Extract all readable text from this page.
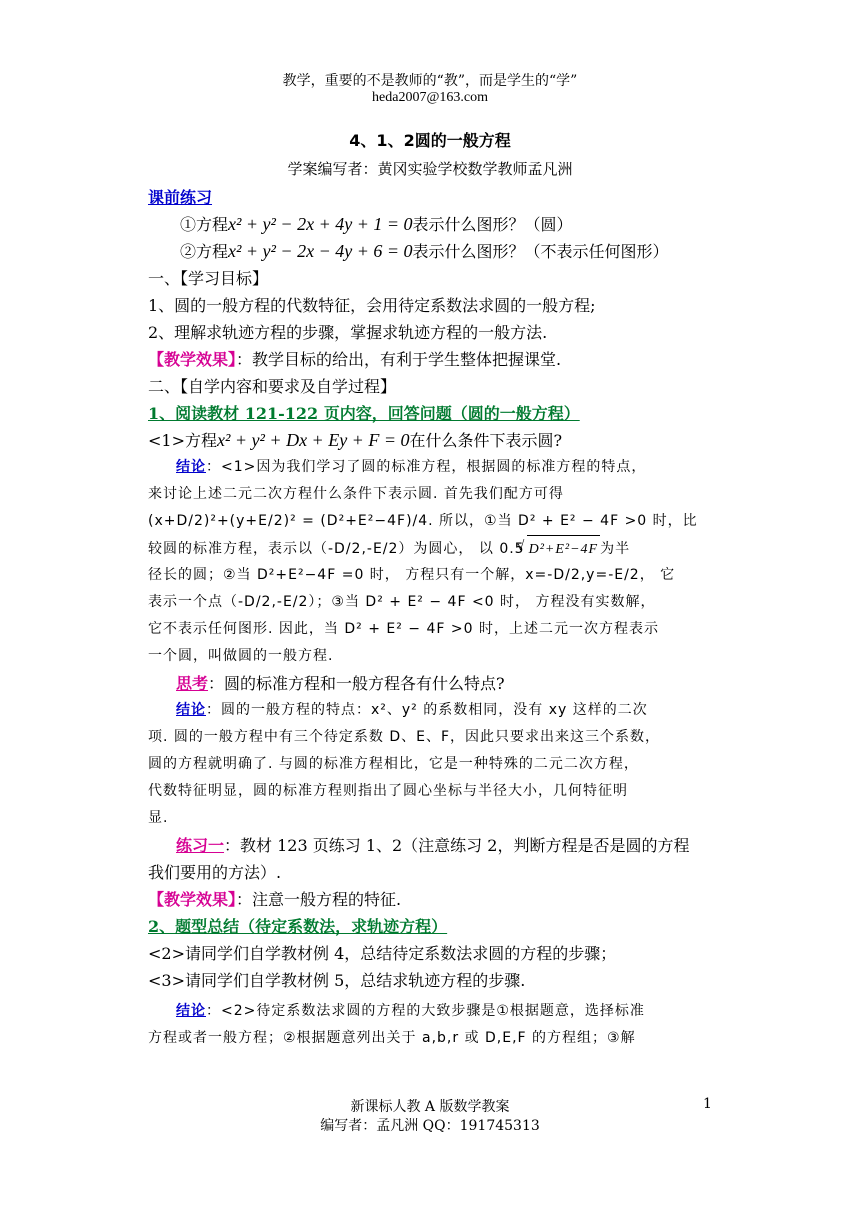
教学，重要的不是教师的“教”，而是学生的“学”
heda2007@163.com
4、1、2圆的一般方程
学案编写者：黄冈实验学校数学教师孟凡洲
课前练习
①方程x² + y² − 2x + 4y + 1 = 0表示什么图形？（圆）
②方程x² + y² − 2x − 4y + 6 = 0表示什么图形？（不表示任何图形）
一、【学习目标】
1、圆的一般方程的代数特征，会用待定系数法求圆的一般方程;
2、理解求轨迹方程的步骤，掌握求轨迹方程的一般方法.
【教学效果】：教学目标的给出，有利于学生整体把握课堂.
二、【自学内容和要求及自学过程】
1、阅读教材 121-122 页内容，回答问题（圆的一般方程）
<1>方程x² + y² + Dx + Ey + F = 0在什么条件下表示圆?
结论：<1>因为我们学习了圆的标准方程，根据圆的标准方程的特点，
来讨论上述二元二次方程什么条件下表示圆. 首先我们配方可得
(x+D/2)²+(y+E/2)² = (D²+E²−4F)/4. 所以，①当 D² + E² − 4F >0 时，比
较圆的标准方程，表示以（-D/2,-E/2）为圆心， 以 0.5√ D²+E²−4F 为半
径长的圆；②当 D²+E²−4F =0 时， 方程只有一个解，x=-D/2,y=-E/2， 它
表示一个点（-D/2,-E/2）；③当 D² + E² − 4F <0 时， 方程没有实数解，
它不表示任何图形. 因此，当 D² + E² − 4F >0 时，上述二元一次方程表示
一个圆，叫做圆的一般方程.
思考：圆的标准方程和一般方程各有什么特点?
结论：圆的一般方程的特点：x²、y² 的系数相同，没有 xy 这样的二次
项. 圆的一般方程中有三个待定系数 D、E、F，因此只要求出来这三个系数，
圆的方程就明确了. 与圆的标准方程相比，它是一种特殊的二元二次方程，
代数特征明显，圆的标准方程则指出了圆心坐标与半径大小，几何特征明
显.
练习一：教材 123 页练习 1、2（注意练习 2，判断方程是否是圆的方程
我们要用的方法）.
【教学效果】：注意一般方程的特征.
2、题型总结（待定系数法，求轨迹方程）
<2>请同学们自学教材例 4，总结待定系数法求圆的方程的步骤；
<3>请同学们自学教材例 5，总结求轨迹方程的步骤.
结论：<2>待定系数法求圆的方程的大致步骤是①根据题意，选择标准
方程或者一般方程；②根据题意列出关于 a,b,r 或 D,E,F 的方程组；③解
新课标人教 A 版数学教案	1
编写者：孟凡洲 QQ：191745313
